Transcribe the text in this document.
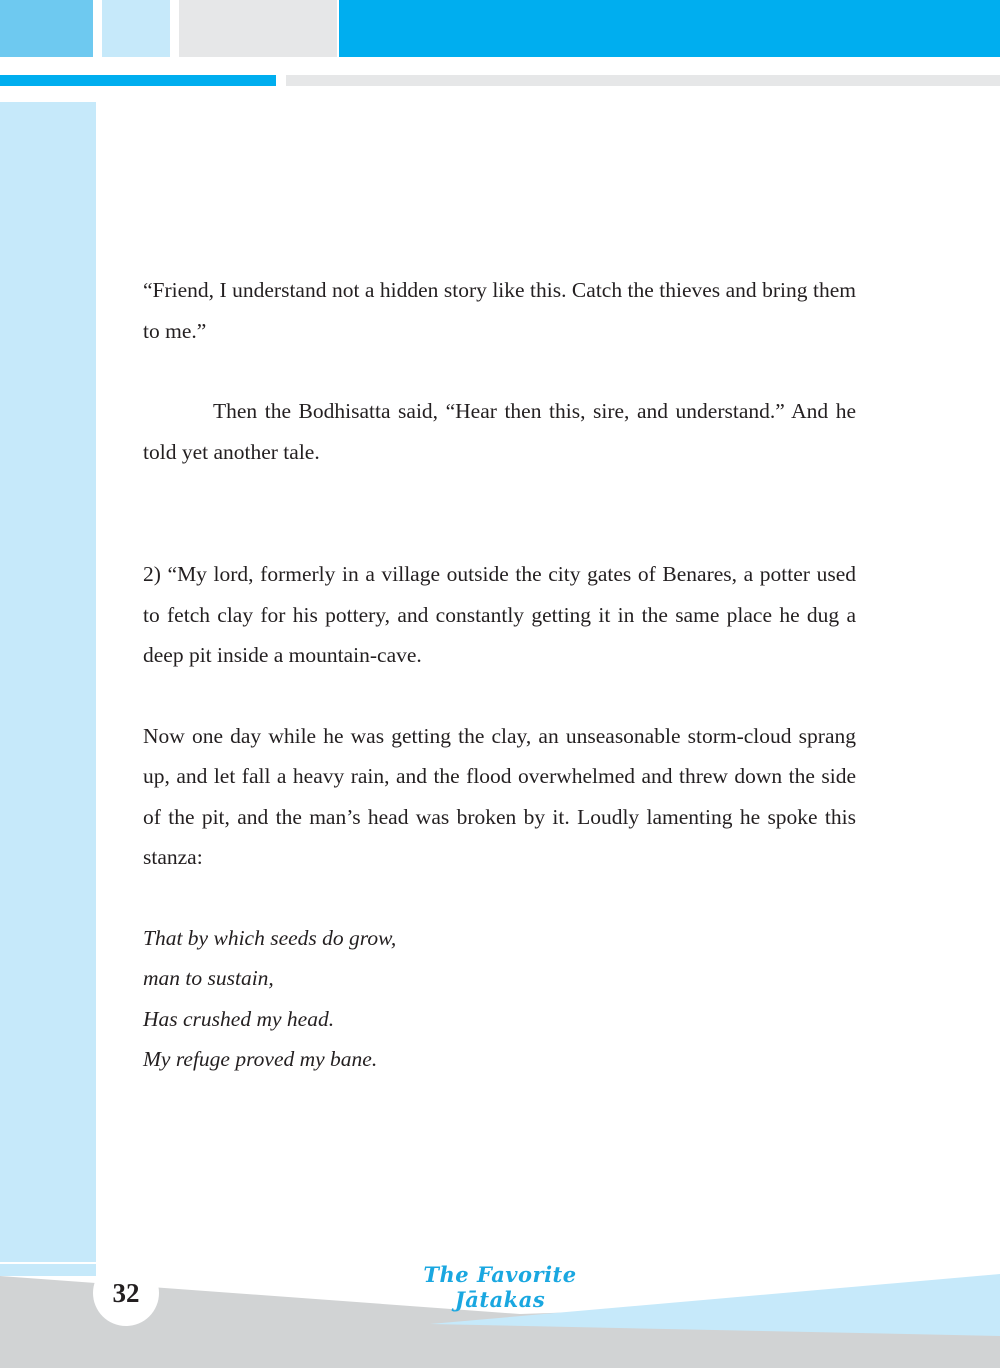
32
The Favorite Jātakas

“Friend, I understand not a hidden story like this. Catch the thieves and bring them to me.”

Then the Bodhisatta said, “Hear then this, sire, and understand.” And he told yet another tale.

2) “My lord, formerly in a village outside the city gates of Benares, a potter used to fetch clay for his pottery, and constantly getting it in the same place he dug a deep pit inside a mountain-cave.

Now one day while he was getting the clay, an unseasonable storm-cloud sprang up, and let fall a heavy rain, and the flood overwhelmed and threw down the side of the pit, and the man’s head was broken by it. Loudly lamenting he spoke this stanza:

That by which seeds do grow,

man to sustain,

Has crushed my head.

My refuge proved my bane.
